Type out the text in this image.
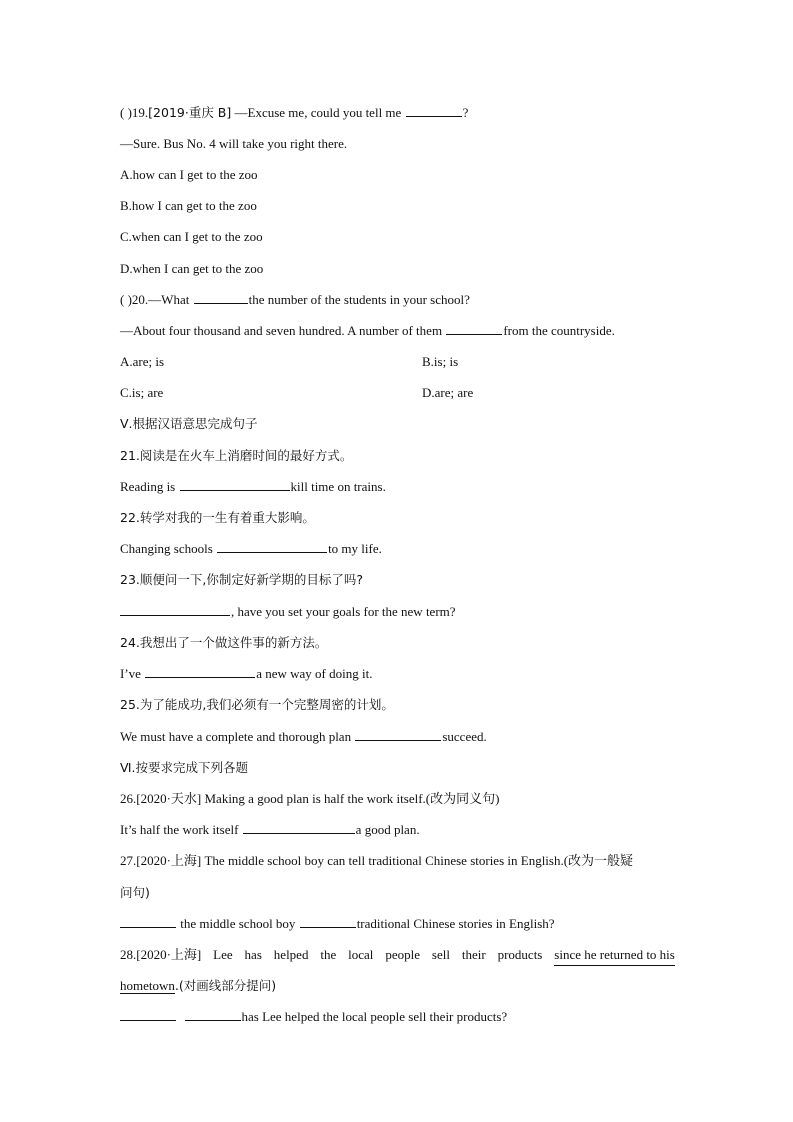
( )19.[2019·重庆 B] —Excuse me, could you tell me	?
—Sure. Bus No. 4 will take you right there.
A.how can I get to the zoo
B.how I can get to the zoo
C.when can I get to the zoo
D.when I can get to the zoo
( )20.—What	the number of the students in your school?
—About four thousand and seven hundred. A number of them	from the countryside.
A.are; is	B.is; is
C.is; are	D.are; are
Ⅴ.根据汉语意思完成句子
21.阅读是在火车上消磨时间的最好方式。
Reading is	kill time on trains.
22.转学对我的一生有着重大影响。
Changing schools	to my life.
23.顺便问一下,你制定好新学期的目标了吗?
, have you set your goals for the new term?
24.我想出了一个做这件事的新方法。
I’ve	a new way of doing it.
25.为了能成功,我们必须有一个完整周密的计划。
We must have a complete and thorough plan	succeed.
Ⅵ.按要求完成下列各题
26.[2020·天水] Making a good plan is half the work itself.(改为同义句)
It’s half the work itself	a good plan.
27.[2020·上海] The middle school boy can tell traditional Chinese stories in English.(改为一般疑
问句)
the middle school boy	traditional Chinese stories in English?
28.[2020·上海] Lee has helped the local people sell their products since he returned to his
hometown.(对画线部分提问)
has Lee helped the local people sell their products?
